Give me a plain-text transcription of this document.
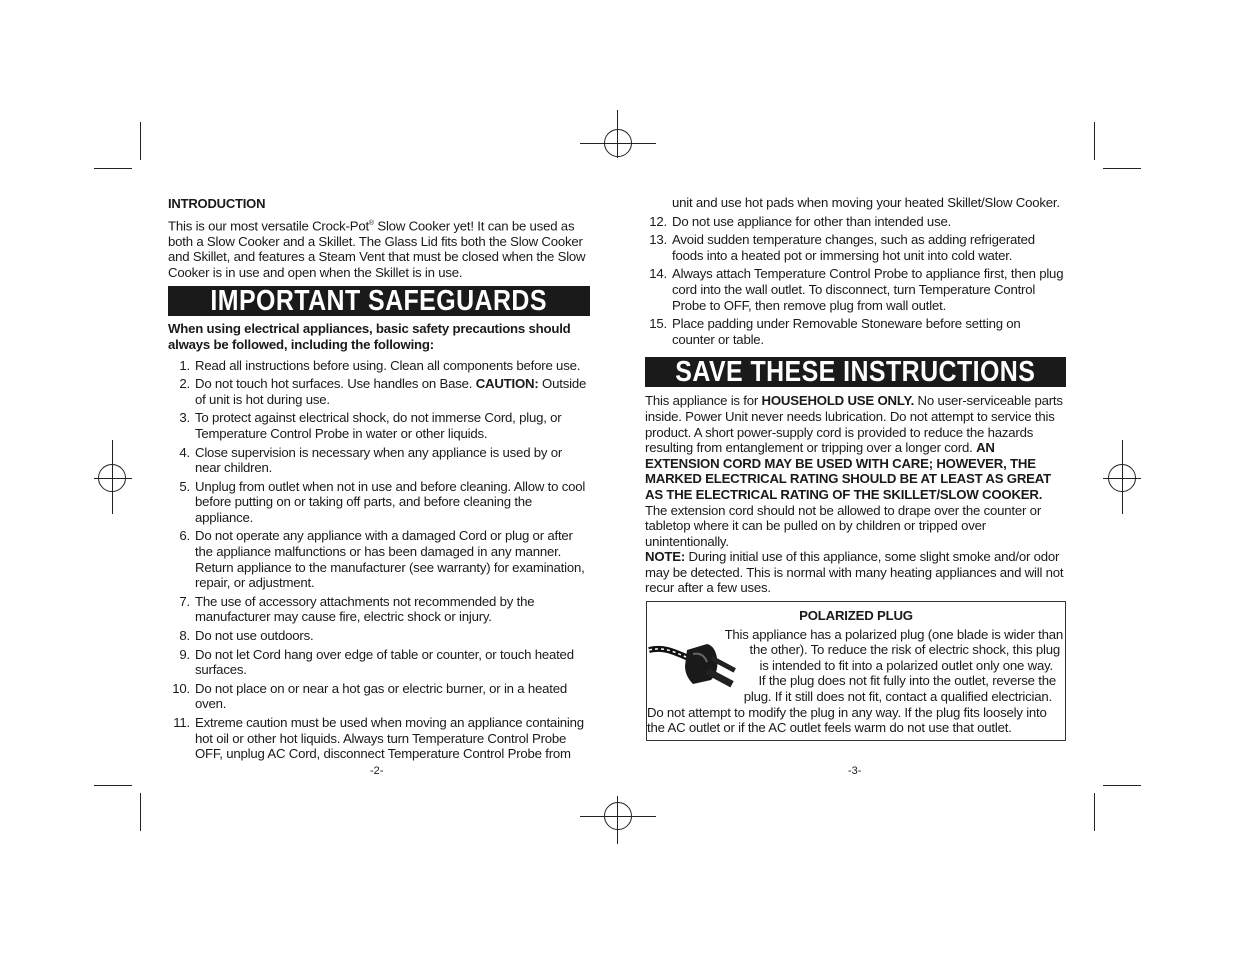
INTRODUCTION
This is our most versatile Crock-Pot® Slow Cooker yet! It can be used as both a Slow Cooker and a Skillet. The Glass Lid fits both the Slow Cooker and Skillet, and features a Steam Vent that must be closed when the Slow Cooker is in use and open when the Skillet is in use.
IMPORTANT SAFEGUARDS
When using electrical appliances, basic safety precautions should always be followed, including the following:
1. Read all instructions before using. Clean all components before use.
2. Do not touch hot surfaces. Use handles on Base. CAUTION: Outside of unit is hot during use.
3. To protect against electrical shock, do not immerse Cord, plug, or Temperature Control Probe in water or other liquids.
4. Close supervision is necessary when any appliance is used by or near children.
5. Unplug from outlet when not in use and before cleaning. Allow to cool before putting on or taking off parts, and before cleaning the appliance.
6. Do not operate any appliance with a damaged Cord or plug or after the appliance malfunctions or has been damaged in any manner. Return appliance to the manufacturer (see warranty) for examination, repair, or adjustment.
7. The use of accessory attachments not recommended by the manufacturer may cause fire, electric shock or injury.
8. Do not use outdoors.
9. Do not let Cord hang over edge of table or counter, or touch heated surfaces.
10. Do not place on or near a hot gas or electric burner, or in a heated oven.
11. Extreme caution must be used when moving an appliance containing hot oil or other hot liquids. Always turn Temperature Control Probe OFF, unplug AC Cord, disconnect Temperature Control Probe from
-2-
unit and use hot pads when moving your heated Skillet/Slow Cooker.
12. Do not use appliance for other than intended use.
13. Avoid sudden temperature changes, such as adding refrigerated foods into a heated pot or immersing hot unit into cold water.
14. Always attach Temperature Control Probe to appliance first, then plug cord into the wall outlet. To disconnect, turn Temperature Control Probe to OFF, then remove plug from wall outlet.
15. Place padding under Removable Stoneware before setting on counter or table.
SAVE THESE INSTRUCTIONS
This appliance is for HOUSEHOLD USE ONLY. No user-serviceable parts inside. Power Unit never needs lubrication. Do not attempt to service this product. A short power-supply cord is provided to reduce the hazards resulting from entanglement or tripping over a longer cord. AN EXTENSION CORD MAY BE USED WITH CARE; HOWEVER, THE MARKED ELECTRICAL RATING SHOULD BE AT LEAST AS GREAT AS THE ELECTRICAL RATING OF THE SKILLET/SLOW COOKER. The extension cord should not be allowed to drape over the counter or tabletop where it can be pulled on by children or tripped over unintentionally.
NOTE: During initial use of this appliance, some slight smoke and/or odor may be detected. This is normal with many heating appliances and will not recur after a few uses.
POLARIZED PLUG
This appliance has a polarized plug (one blade is wider than
the other). To reduce the risk of electric shock, this plug
is intended to fit into a polarized outlet only one way.
If the plug does not fit fully into the outlet, reverse the
plug. If it still does not fit, contact a qualified electrician.
Do not attempt to modify the plug in any way. If the plug fits loosely into the AC outlet or if the AC outlet feels warm do not use that outlet.
-3-
